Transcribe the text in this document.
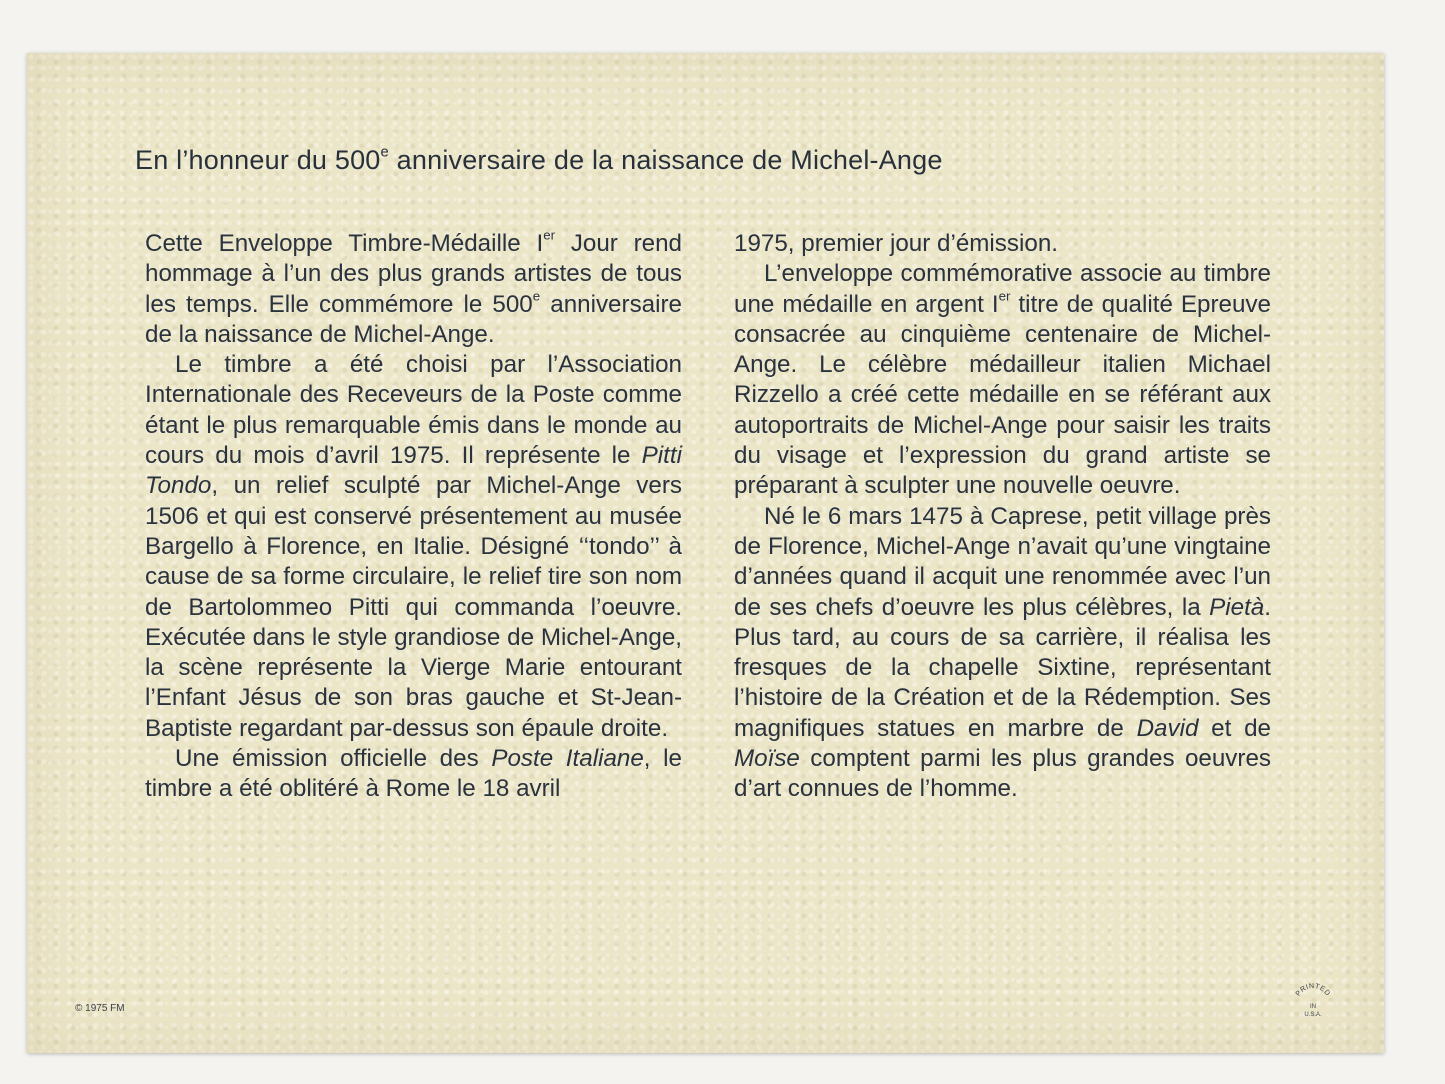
En l’honneur du 500e anniversaire de la naissance de Michel-Ange

Cette Enveloppe Timbre-Médaille Ier Jour rend hommage à l’un des plus grands artistes de tous les temps. Elle commémore le 500e anniversaire de la naissance de Michel-Ange.

Le timbre a été choisi par l’Association Internationale des Receveurs de la Poste comme étant le plus remarquable émis dans le monde au cours du mois d’avril 1975. Il représente le Pitti Tondo, un relief sculpté par Michel-Ange vers 1506 et qui est conservé présentement au musée Bargello à Florence, en Italie. Désigné ‘‘tondo’’ à cause de sa forme circulaire, le relief tire son nom de Bartolommeo Pitti qui commanda l’oeuvre. Exécutée dans le style grandiose de Michel-Ange, la scène représente la Vierge Marie entourant l’Enfant Jésus de son bras gauche et St-Jean-Baptiste regardant par-dessus son épaule droite.

Une émission officielle des Poste Italiane, le timbre a été oblitéré à Rome le 18 avril

1975, premier jour d’émission.

L’enveloppe commémorative associe au timbre une médaille en argent Ier titre de qualité Epreuve consacrée au cinquième centenaire de Michel-Ange. Le célèbre médailleur italien Michael Rizzello a créé cette médaille en se référant aux autoportraits de Michel-Ange pour saisir les traits du visage et l’expression du grand artiste se préparant à sculpter une nouvelle oeuvre.

Né le 6 mars 1475 à Caprese, petit village près de Florence, Michel-Ange n’avait qu’une vingtaine d’années quand il acquit une renommée avec l’un de ses chefs d’oeuvre les plus célèbres, la Pietà. Plus tard, au cours de sa carrière, il réalisa les fresques de la chapelle Sixtine, représentant l’histoire de la Création et de la Rédemption. Ses magnifiques statues en marbre de David et de Moïse comptent parmi les plus grandes oeuvres d’art connues de l’homme.

© 1975 FM
PRINTED
IN
U.S.A.
